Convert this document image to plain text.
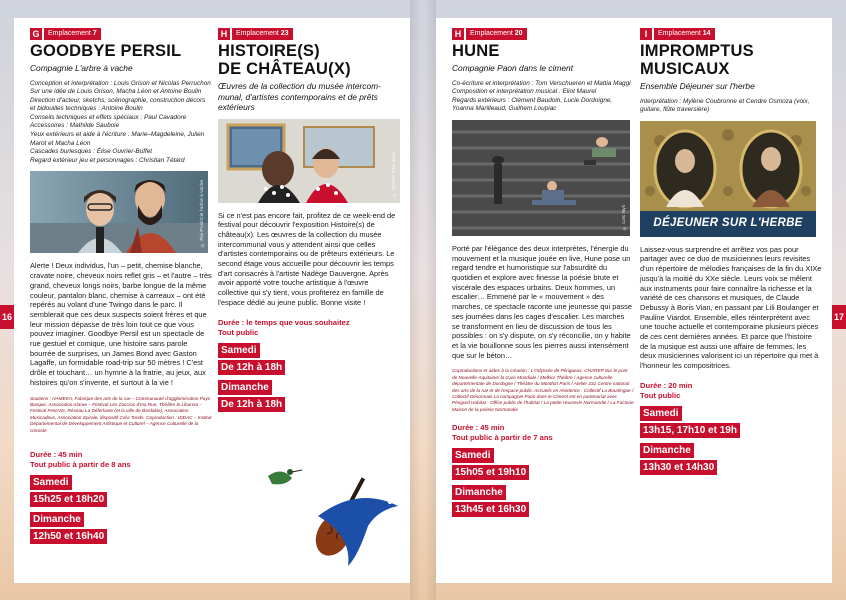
16
G	Emplacement 7
GOODBYE PERSIL
Compagnie L'arbre à vache
Conception et interprétation : Louis Grison et Nicolas Perruchon
Sur une idée de Louis Grison, Macha Léon et Antoine Boulin
Direction d'acteur, sketchs, scénographie, construction décors et bidouilles techniques : Antoine Boulin
Conseils techniques et effets spéciaux : Paul Cavadore
Accessoires : Mathilde Sauboie
Yeux extérieurs et aide à l'écriture : Marie–Magdeleine, Julien Marot et Macha Léon
Cascades burlesques : Élise Ouvrier-Buffet
Regard extérieur jeu et personnages : Christian Tétard
© Flai Prod-Cie l'arbre à vache
Alerte ! Deux individus, l'un – petit, chemise blanche, cravate noire, cheveux noirs reflet gris – et l'autre – très grand, cheveux longs noirs, barbe longue de la même couleur, pantalon blanc, chemise à carreaux – ont été repérés au volant d'une Twingo dans le parc. Il semblerait que ces deux suspects soient frères et que leur mission dépasse de très loin tout ce que vous pouvez imaginer. Goodbye Persil est un spectacle de rue gestuel et comique, une histoire sans parole bourrée de surprises, un James Bond avec Gaston Lagaffe, un formidable road-trip sur 50 mètres ! C'est drôle et touchant… un hymne à la fratrie, au jeux, aux histoires qu'on s'invente, et surtout à la vie !
Soutiens : HAMEKA, Fabrique des arts de la rue – Communauté d'agglomération Pays Basque, Association Alarue – Festival Les Zaccros d'ma Rue, Théâtre le Liburnia – Festival FestArts, Réseau La Déferlante (et la ville de Bardakie), Association Musicadeux, Association Spirale, dispositif Créa Tonds. Coproduction : IDDAC – Institut Départemental de Développement Artistique et Culturel – Agence Culturelle de la Gironde
Durée : 45 min
Tout public à partir de 8 ans
Samedi
15h25 et 18h20
Dimanche
12h50 et 16h40
H	Emplacement 23
HISTOIRE(S)
DE CHÂTEAU(X)
Œuvres de la collection du musée intercom-munal, d'artistes contemporains et de prêts extérieurs
© CIAMG Pilot drôle
Si ce n'est pas encore fait, profitez de ce week-end de festival pour découvrir l'exposition Histoire(s) de château(x). Les œuvres de la collection du musée intercommunal vous y attendent ainsi que celles d'artistes contemporains ou de prêteurs extérieurs. Le second étage vous accueille pour découvrir les temps d'art consacrés à l'artiste Nadège Dauvergne. Après avoir apporté votre touche artistique à l'œuvre collective qui s'y tient, vous profiterez en famille de l'espace dédié au jeune public. Bonne visite !
Durée : le temps que vous souhaitez
Tout public
Samedi
De 12h à 18h
Dimanche
De 12h à 18h
17
H	Emplacement 20
HUNE
Compagnie Paon dans le ciment
Co-écriture et interprétation : Tom Verschueren et Mattia Maggi
Composition et interprétation musical : Eliot Maurel
Regards extérieurs : Clément Baudoin, Lucie Dordoigne, Yoanna Marilleaud, Guilhem Loupiac
© Loïc Nys
Porté par l'élégance des deux interprètes, l'énergie du mouvement et la musique jouée en live, Hune pose un regard tendre et humoristique sur l'absurdité du quotidien et explore avec finesse la poésie brute et viscérale des espaces urbains. Deux hommes, un escalier… Emmené par le « mouvement » des marches, ce spectacle raconte une jeunesse qui passe ses journées dans les cages d'escalier. Les marches se transforment en lieu de discussion de tous les possibles : on s'y dispute, on s'y réconcilie, on y habite et la vie bouillonne sous les pierres aussi intensément que sur le béton…
Coproductions et aides à la création : L'Odyssée de Périgueux, CNAREP Sur le pont de Nouvelle-Aquitaine/ la Gare Mondiale / Melkior Théâtre / Agence culturelle départementale de Dordogne / Théâtre du Montfort Paris / Atelier 231 Centre national des arts de la rue et de l'espace public. Accueils en résidence : Collectif La Bourlingue / Collectif Désormais La compagnie Paon dans le Ciment est en partenariat avec Périgord Habitat - Office public de l'habitat / La petite Housssie Normandie / La Factorie Maison de la poésie Normandie
Durée : 45 min
Tout public à partir de 7 ans
Samedi
15h05 et 19h10
Dimanche
13h45 et 16h30
I	Emplacement 14
IMPROMPTUS MUSICAUX
Ensemble Déjeuner sur l'herbe
Interprétation : Mylène Coubronne et Cendre Osmoza (voix, guitare, flûte traversière)
DÉJEUNER SUR L'HERBE
Laissez-vous surprendre et arrêtez vos pas pour partager avec ce duo de musiciennes leurs revisites d'un répertoire de mélodies françaises de la fin du XIXe jusqu'à la moitié du XXe siècle. Leurs voix se mêlent aux instruments pour faire connaître la richesse et la variété de ces chansons et musiques, de Claude Debussy à Boris Vian, en passant par Lili Boulanger et Pauline Viardot. Ensemble, elles réinterprètent avec une touche actuelle et contemporaine plusieurs pièces de ces cent dernières années. Et parce que l'histoire de la musique est aussi une affaire de femmes, les deux musiciennes valorisent ici un répertoire qui met à l'honneur les compositrices.
Durée : 20 min
Tout public
Samedi
13h15, 17h10 et 19h
Dimanche
13h30 et 14h30
